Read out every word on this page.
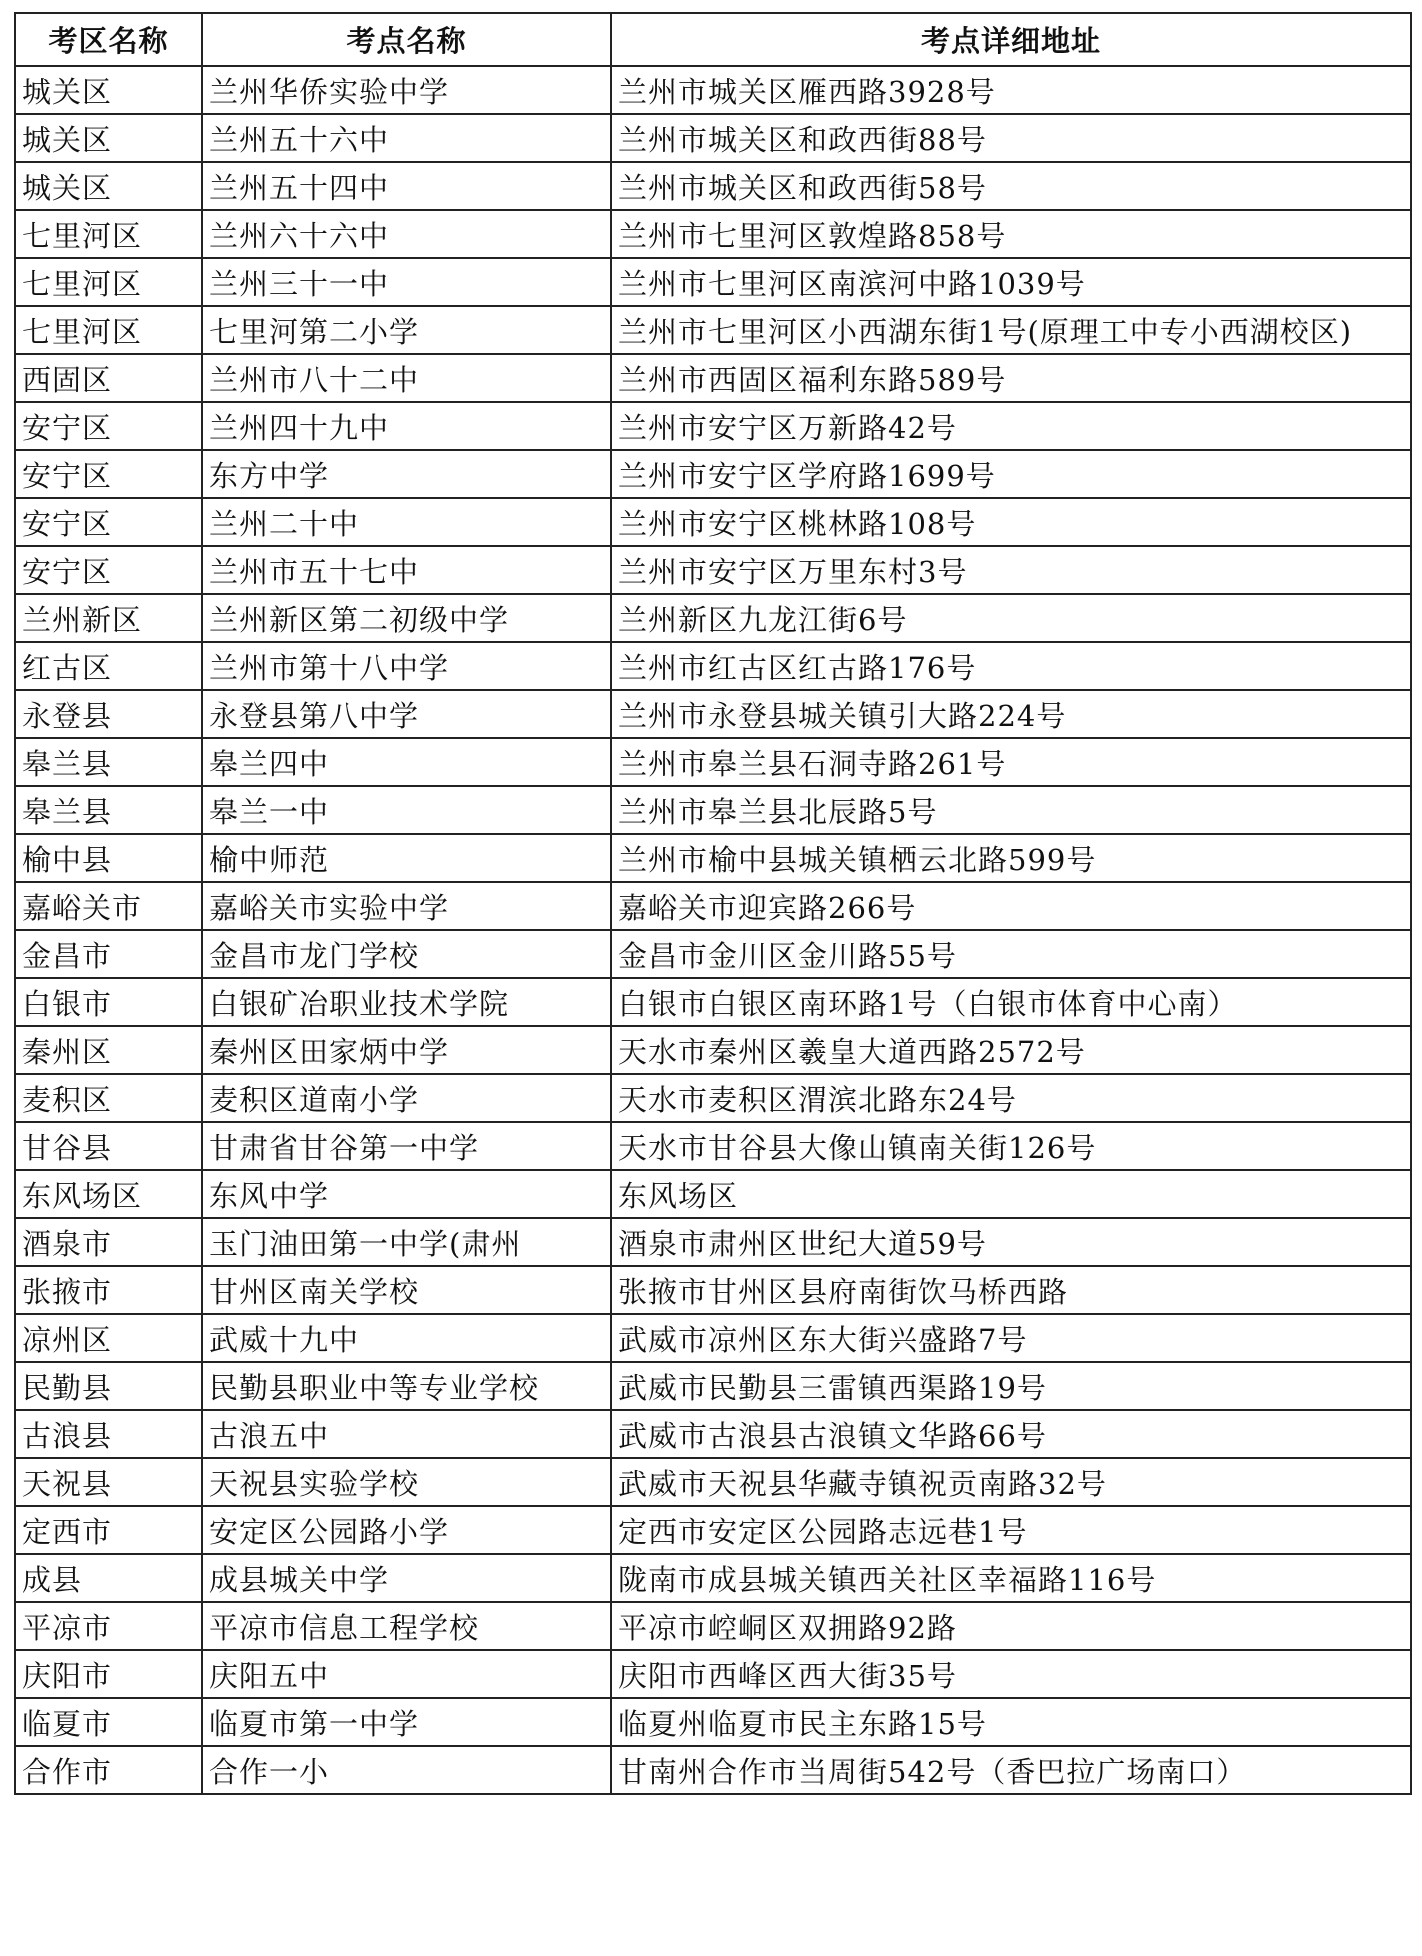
考区名称	考点名称	考点详细地址
城关区	兰州华侨实验中学	兰州市城关区雁西路3928号
城关区	兰州五十六中	兰州市城关区和政西街88号
城关区	兰州五十四中	兰州市城关区和政西街58号
七里河区	兰州六十六中	兰州市七里河区敦煌路858号
七里河区	兰州三十一中	兰州市七里河区南滨河中路1039号
七里河区	七里河第二小学	兰州市七里河区小西湖东街1号(原理工中专小西湖校区)
西固区	兰州市八十二中	兰州市西固区福利东路589号
安宁区	兰州四十九中	兰州市安宁区万新路42号
安宁区	东方中学	兰州市安宁区学府路1699号
安宁区	兰州二十中	兰州市安宁区桃林路108号
安宁区	兰州市五十七中	兰州市安宁区万里东村3号
兰州新区	兰州新区第二初级中学	兰州新区九龙江街6号
红古区	兰州市第十八中学	兰州市红古区红古路176号
永登县	永登县第八中学	兰州市永登县城关镇引大路224号
皋兰县	皋兰四中	兰州市皋兰县石洞寺路261号
皋兰县	皋兰一中	兰州市皋兰县北辰路5号
榆中县	榆中师范	兰州市榆中县城关镇栖云北路599号
嘉峪关市	嘉峪关市实验中学	嘉峪关市迎宾路266号
金昌市	金昌市龙门学校	金昌市金川区金川路55号
白银市	白银矿冶职业技术学院	白银市白银区南环路1号（白银市体育中心南）
秦州区	秦州区田家炳中学	天水市秦州区羲皇大道西路2572号
麦积区	麦积区道南小学	天水市麦积区渭滨北路东24号
甘谷县	甘肃省甘谷第一中学	天水市甘谷县大像山镇南关街126号
东风场区	东风中学	东风场区
酒泉市	玉门油田第一中学(肃州	酒泉市肃州区世纪大道59号
张掖市	甘州区南关学校	张掖市甘州区县府南街饮马桥西路
凉州区	武威十九中	武威市凉州区东大街兴盛路7号
民勤县	民勤县职业中等专业学校	武威市民勤县三雷镇西渠路19号
古浪县	古浪五中	武威市古浪县古浪镇文华路66号
天祝县	天祝县实验学校	武威市天祝县华藏寺镇祝贡南路32号
定西市	安定区公园路小学	定西市安定区公园路志远巷1号
成县	成县城关中学	陇南市成县城关镇西关社区幸福路116号
平凉市	平凉市信息工程学校	平凉市崆峒区双拥路92路
庆阳市	庆阳五中	庆阳市西峰区西大街35号
临夏市	临夏市第一中学	临夏州临夏市民主东路15号
合作市	合作一小	甘南州合作市当周街542号（香巴拉广场南口）
